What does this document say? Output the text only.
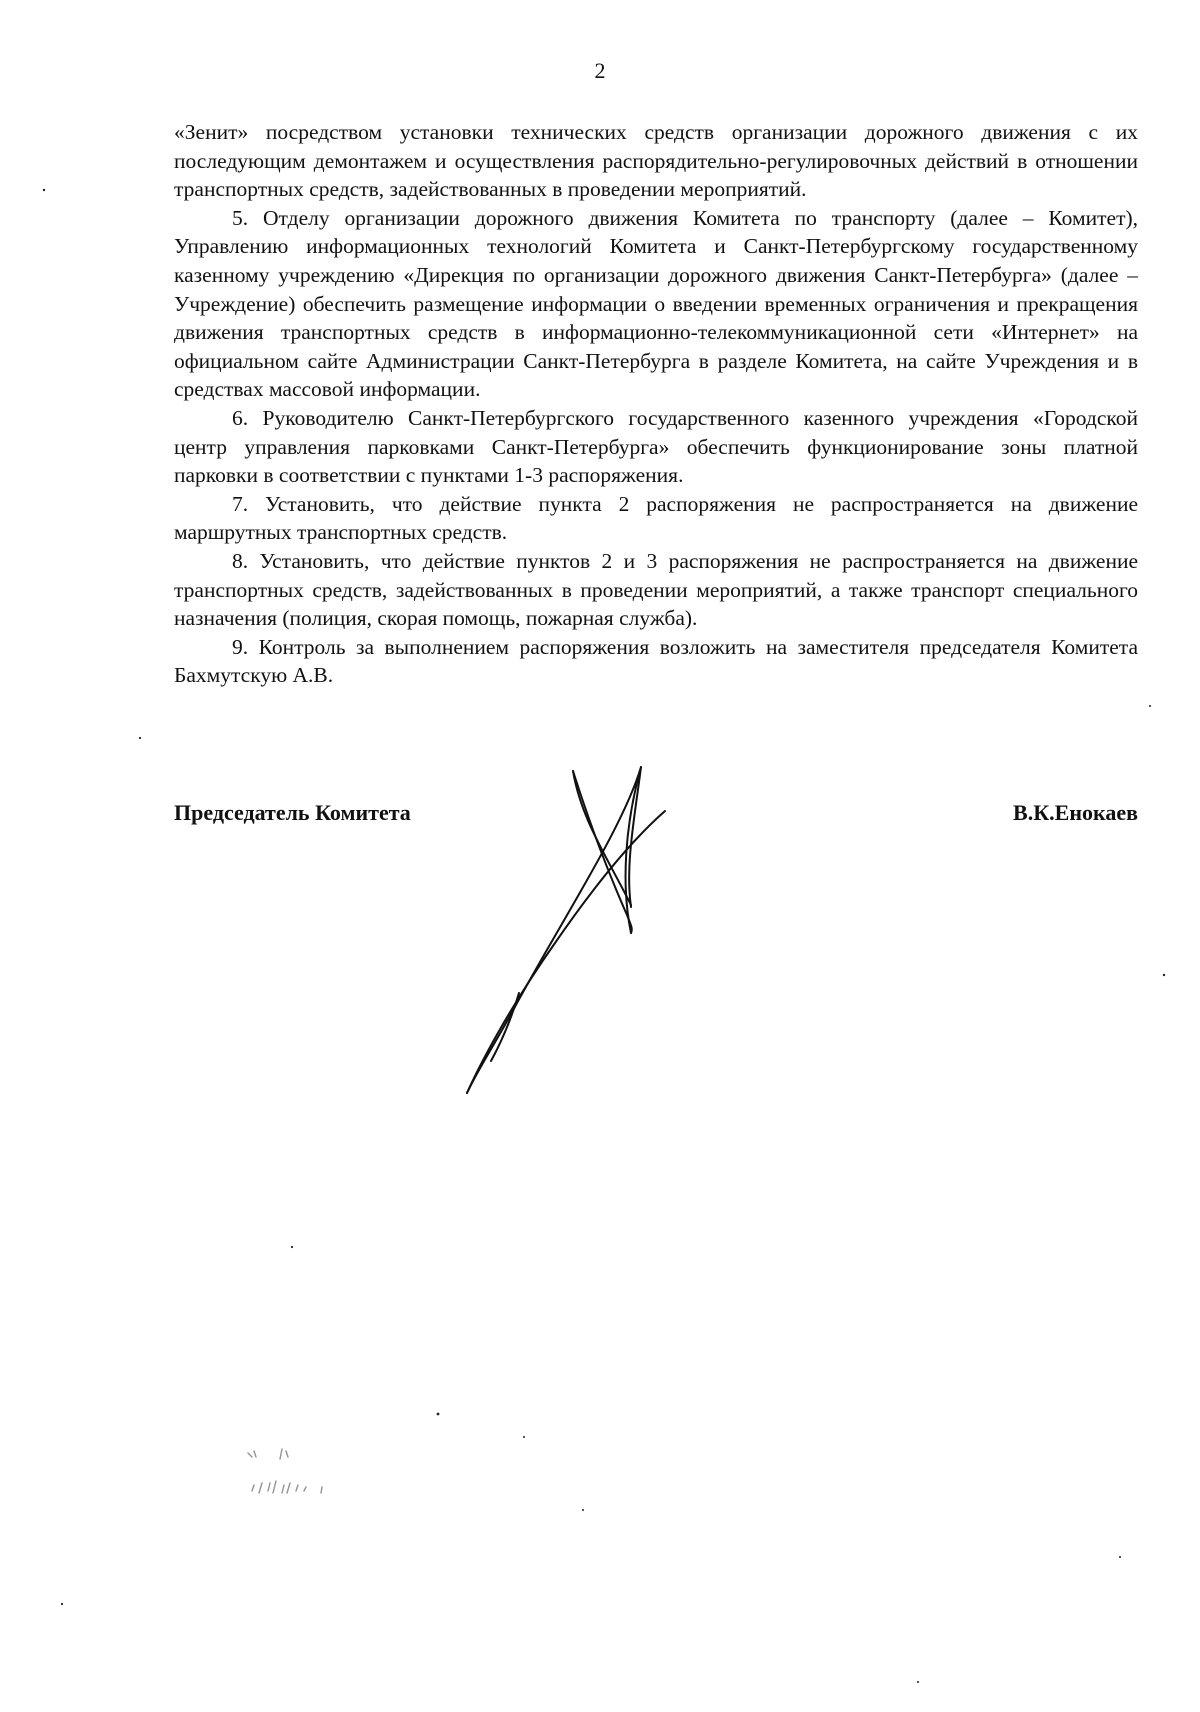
2

«Зенит» посредством установки технических средств организации дорожного движения с их последующим демонтажем и осуществления распорядительно-регулировочных действий в отношении транспортных средств, задействованных в проведении мероприятий.

5. Отделу организации дорожного движения Комитета по транспорту (далее – Комитет), Управлению информационных технологий Комитета и Санкт-Петербургскому государственному казенному учреждению «Дирекция по организации дорожного движения Санкт-Петербурга» (далее – Учреждение) обеспечить размещение информации о введении временных ограничения и прекращения движения транспортных средств в информационно-телекоммуникационной сети «Интернет» на официальном сайте Администрации Санкт-Петербурга в разделе Комитета, на сайте Учреждения и в средствах массовой информации.

6. Руководителю Санкт-Петербургского государственного казенного учреждения «Городской центр управления парковками Санкт-Петербурга» обеспечить функционирование зоны платной парковки в соответствии с пунктами 1-3 распоряжения.

7. Установить, что действие пункта 2 распоряжения не распространяется на движение маршрутных транспортных средств.

8. Установить, что действие пунктов 2 и 3 распоряжения не распространяется на движение транспортных средств, задействованных в проведении мероприятий, а также транспорт специального назначения (полиция, скорая помощь, пожарная служба).

9. Контроль за выполнением распоряжения возложить на заместителя председателя Комитета Бахмутскую А.В.

Председатель Комитета	В.К.Енокаев
